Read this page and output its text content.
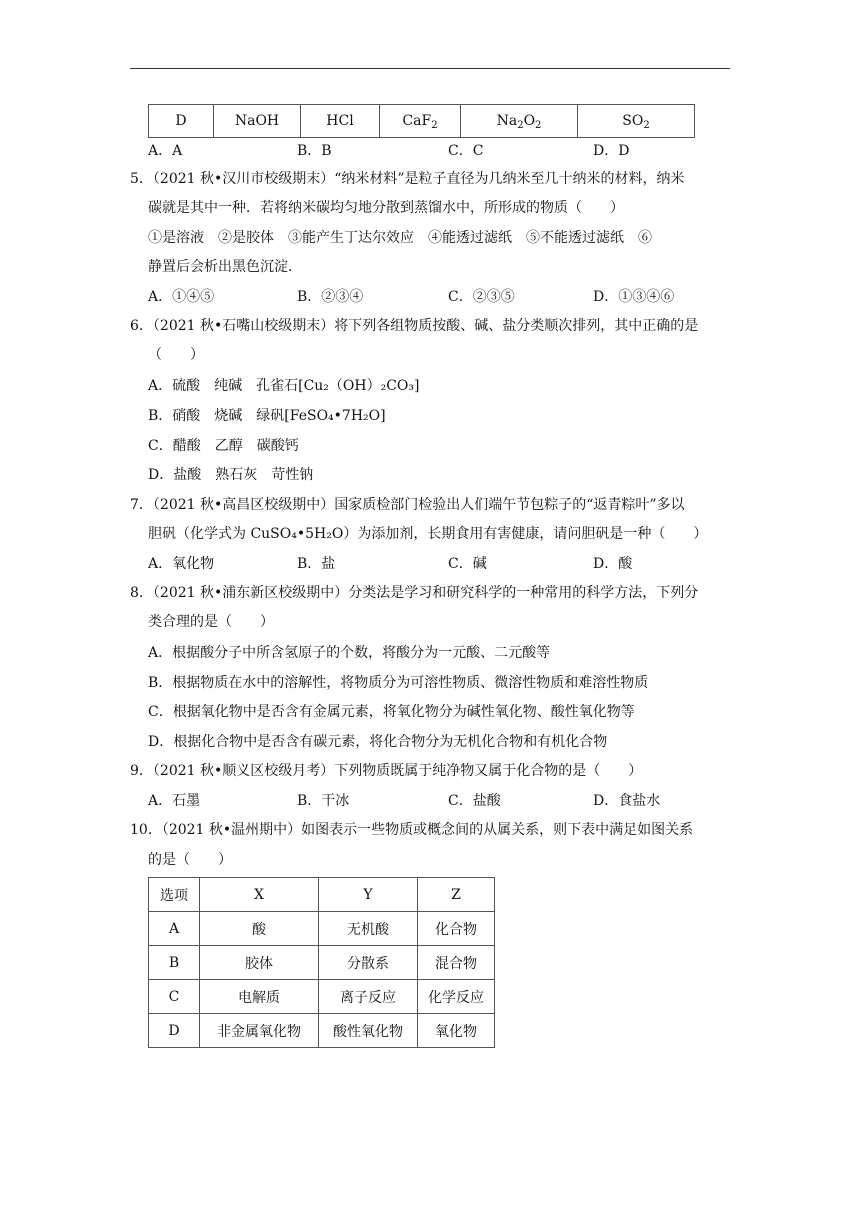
D	NaOH	HCl	CaF$_2$	$Na_2O_2$	$SO_2$
A．A	B．B	C．C	D．D
5．（2021 秋•汉川市校级期末）“纳米材料”是粒子直径为几纳米至几十纳米的材料，纳米
碳就是其中一种．若将纳米碳均匀地分散到蒸馏水中，所形成的物质（　　）
①是溶液　②是胶体　③能产生丁达尔效应　④能透过滤纸　⑤不能透过滤纸　⑥
静置后会析出黑色沉淀．
A．①④⑤	B．②③④	C．②③⑤	D．①③④⑥
6．（2021 秋•石嘴山校级期末）将下列各组物质按酸、碱、盐分类顺次排列，其中正确的是
（　　）
A．硫酸　纯碱　孔雀石[Cu₂（OH）₂CO₃]
B．硝酸　烧碱　绿矾[FeSO₄•7H₂O]
C．醋酸　乙醇　碳酸钙
D．盐酸　熟石灰　苛性钠
7．（2021 秋•高昌区校级期中）国家质检部门检验出人们端午节包粽子的“返青粽叶”多以
胆矾（化学式为 CuSO₄•5H₂O）为添加剂，长期食用有害健康，请问胆矾是一种（　　）
A．氧化物	B．盐	C．碱	D．酸
8．（2021 秋•浦东新区校级期中）分类法是学习和研究科学的一种常用的科学方法，下列分
类合理的是（　　）
A．根据酸分子中所含氢原子的个数，将酸分为一元酸、二元酸等
B．根据物质在水中的溶解性，将物质分为可溶性物质、微溶性物质和难溶性物质
C．根据氧化物中是否含有金属元素，将氧化物分为碱性氧化物、酸性氧化物等
D．根据化合物中是否含有碳元素，将化合物分为无机化合物和有机化合物
9．（2021 秋•顺义区校级月考）下列物质既属于纯净物又属于化合物的是（　　）
A．石墨	B．干冰	C．盐酸	D．食盐水
10．（2021 秋•温州期中）如图表示一些物质或概念间的从属关系，则下表中满足如图关系
的是（　　）
选项	X	Y	Z
A	酸	无机酸	化合物
B	胶体	分散系	混合物
C	电解质	离子反应	化学反应
D	非金属氧化物	酸性氧化物	氧化物
